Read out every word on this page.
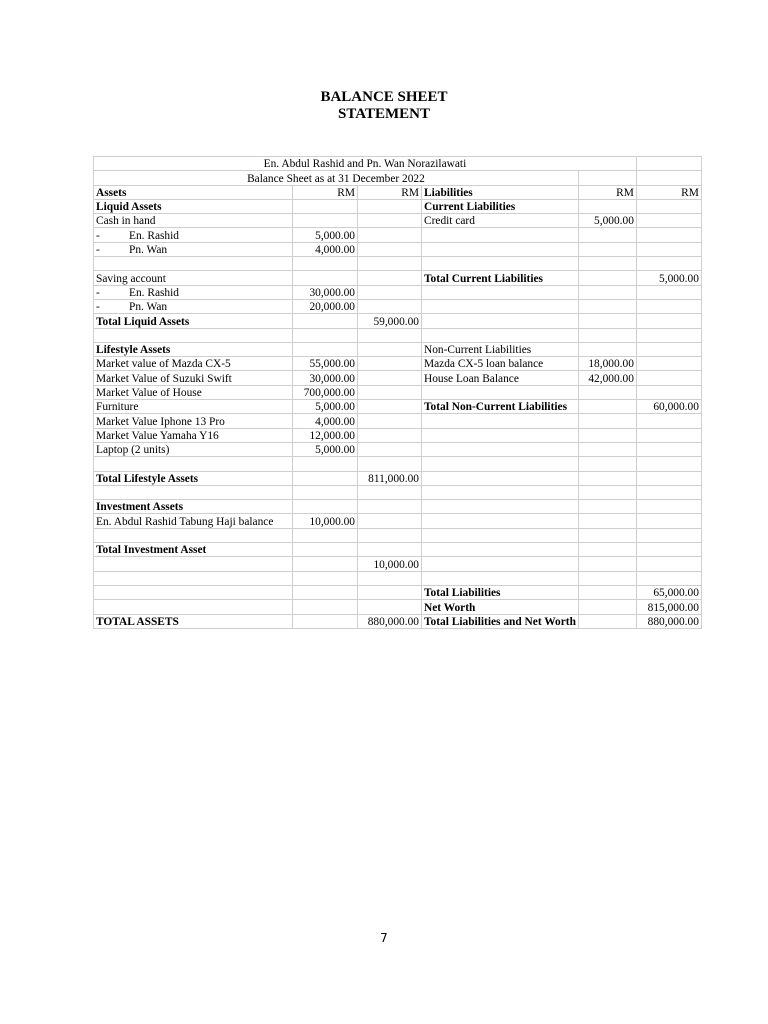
BALANCE SHEET
STATEMENT
En. Abdul Rashid and Pn. Wan Norazilawati					
Balance Sheet as at 31 December 2022					
Assets	RM	RM	Liabilities	RM	RM
Liquid Assets			Current Liabilities		
Cash in hand			Credit card	5,000.00	
- En. Rashid	5,000.00				
- Pn. Wan	4,000.00				

Saving account			Total Current Liabilities		5,000.00
- En. Rashid	30,000.00				
- Pn. Wan	20,000.00				
Total Liquid Assets		59,000.00			

Lifestyle Assets			Non-Current Liabilities		
Market value of Mazda CX-5	55,000.00		Mazda CX-5 loan balance	18,000.00	
Market Value of Suzuki Swift	30,000.00		House Loan Balance	42,000.00	
Market Value of House	700,000.00				
Furniture	5,000.00		Total Non-Current Liabilities		60,000.00
Market Value Iphone 13 Pro	4,000.00				
Market Value Yamaha Y16	12,000.00				
Laptop (2 units)	5,000.00				

Total Lifestyle Assets		811,000.00			

Investment Assets					
En. Abdul Rashid Tabung Haji balance	10,000.00				

Total Investment Asset					
		10,000.00			

			Total Liabilities		65,000.00
			Net Worth		815,000.00
TOTAL ASSETS		880,000.00	Total Liabilities and Net Worth		880,000.00
7
